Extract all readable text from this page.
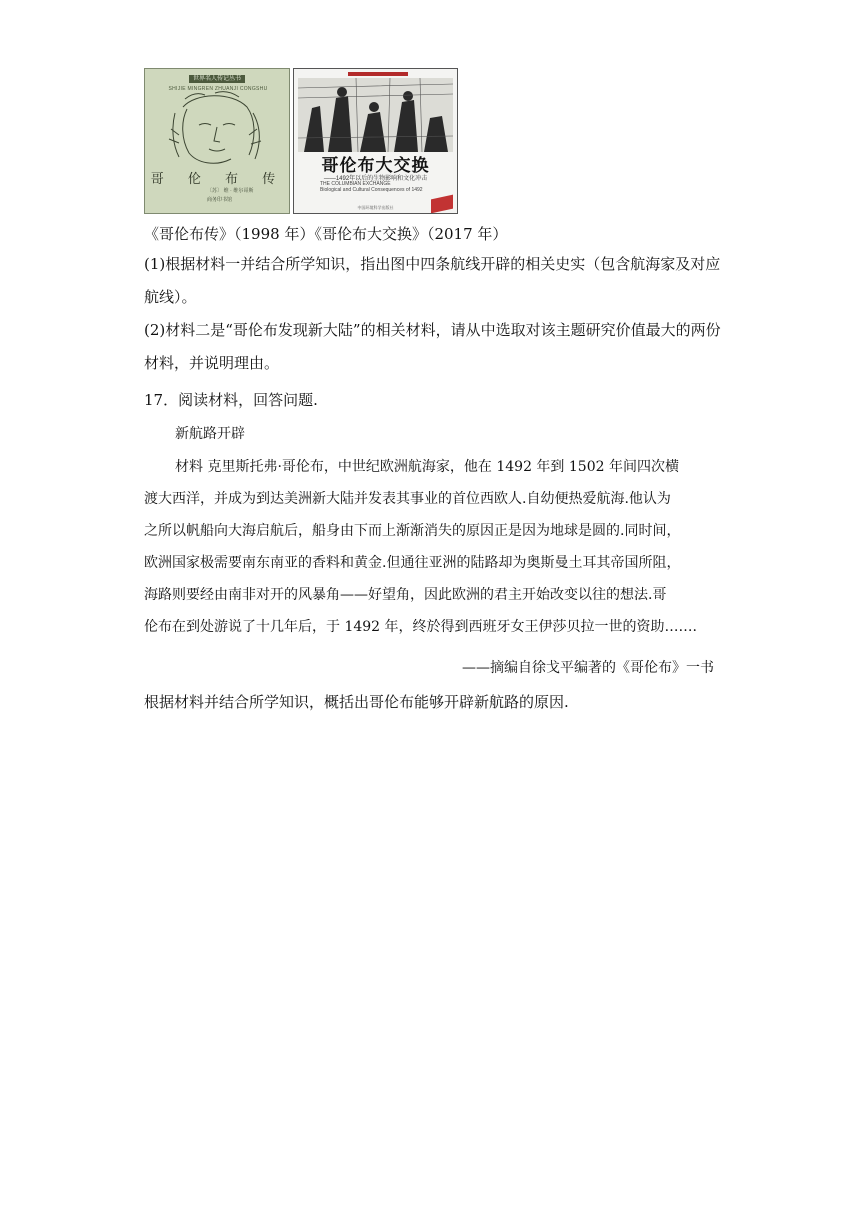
世界名人传记丛书
SHIJIE MINGREN ZHUANJI CONGSHU
哥 伦 布 传
〔苏〕 维 · 维尔哥斯
商务印书馆
哥伦布大交换
——1492年以后的生物影响和文化冲击
THE COLUMBIAN EXCHANGE
Biological and Cultural Consequences of 1492
中国环境科学出版社
《哥伦布传》（1998 年）《哥伦布大交换》（2017 年）
(1)根据材料一并结合所学知识，指出图中四条航线开辟的相关史实（包含航海家及对应
航线）。
(2)材料二是“哥伦布发现新大陆”的相关材料，请从中选取对该主题研究价值最大的两份
材料，并说明理由。
17．阅读材料，回答问题.
新航路开辟
材料 克里斯托弗·哥伦布，中世纪欧洲航海家，他在 1492 年到 1502 年间四次横
渡大西洋，并成为到达美洲新大陆并发表其事业的首位西欧人.自幼便热爱航海.他认为
之所以帆船向大海启航后，船身由下而上渐渐消失的原因正是因为地球是圆的.同时间，
欧洲国家极需要南东南亚的香料和黄金.但通往亚洲的陆路却为奥斯曼土耳其帝国所阻，
海路则要经由南非对开的风暴角——好望角，因此欧洲的君主开始改变以往的想法.哥
伦布在到处游说了十几年后，于 1492 年，终於得到西班牙女王伊莎贝拉一世的资助…….
——摘编自徐戈平编著的《哥伦布》一书
根据材料并结合所学知识，概括出哥伦布能够开辟新航路的原因.
